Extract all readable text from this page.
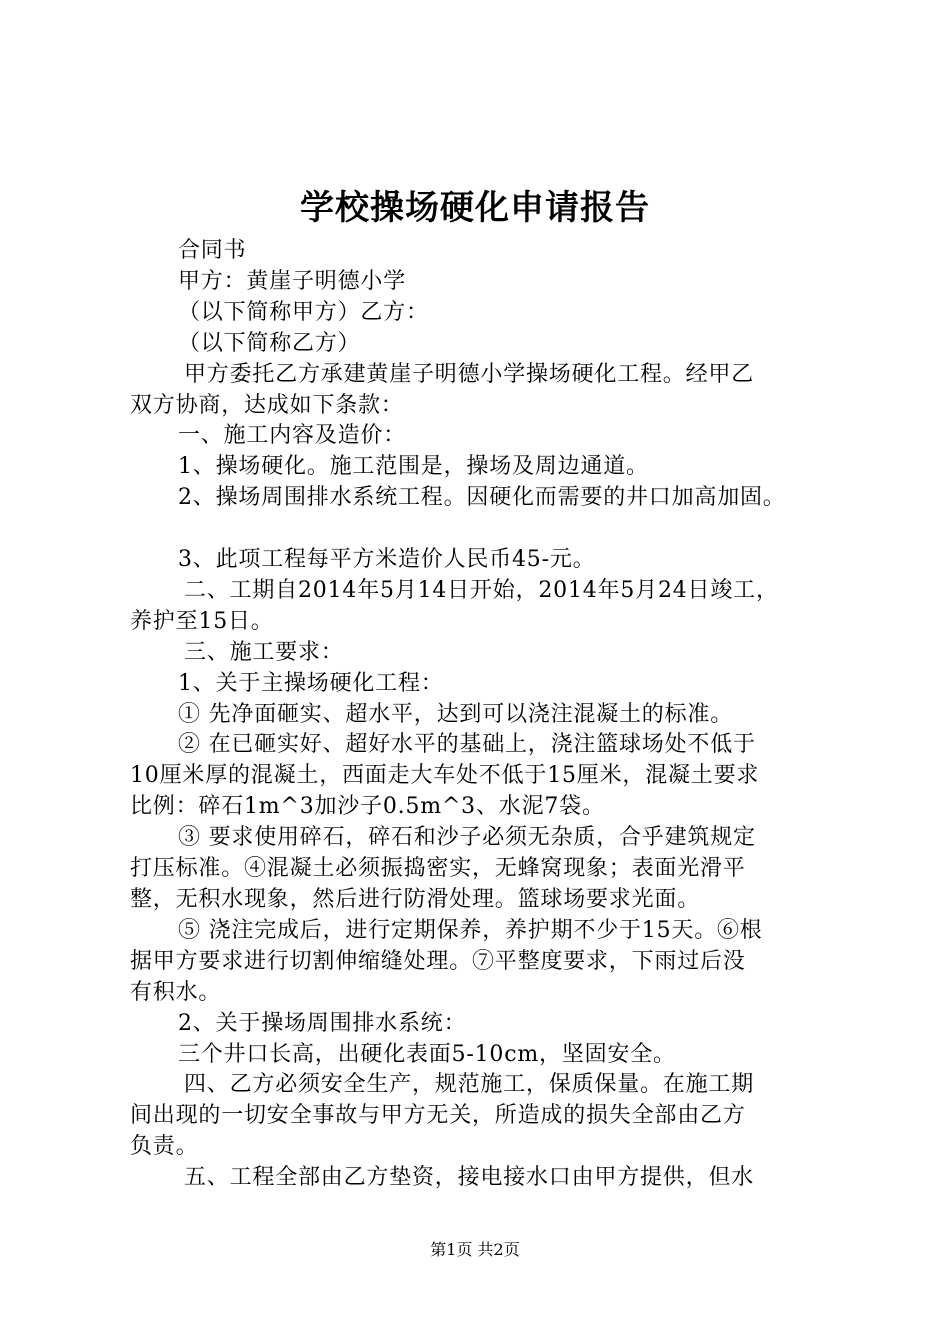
学校操场硬化申请报告

合同书

甲方：黄崖子明德小学

（以下简称甲方）乙方：

（以下简称乙方）

甲方委托乙方承建黄崖子明德小学操场硬化工程。经甲乙

双方协商，达成如下条款：

一、施工内容及造价：

1、操场硬化。施工范围是，操场及周边通道。

2、操场周围排水系统工程。因硬化而需要的井口加高加固。

3、此项工程每平方米造价人民币45-元。

二、工期自2014年5月14日开始，2014年5月24日竣工，

养护至15日。

三、施工要求：

1、关于主操场硬化工程：

① 先净面砸实、超水平，达到可以浇注混凝土的标准。

② 在已砸实好、超好水平的基础上，浇注篮球场处不低于

10厘米厚的混凝土，西面走大车处不低于15厘米，混凝土要求

比例：碎石1m^3加沙子0.5m^3、水泥7袋。

③ 要求使用碎石，碎石和沙子必须无杂质，合乎建筑规定

打压标准。④混凝土必须振捣密实，无蜂窝现象；表面光滑平

整，无积水现象，然后进行防滑处理。篮球场要求光面。

⑤ 浇注完成后，进行定期保养，养护期不少于15天。⑥根

据甲方要求进行切割伸缩缝处理。⑦平整度要求，下雨过后没

有积水。

2、关于操场周围排水系统：

三个井口长高，出硬化表面5-10cm，坚固安全。

四、乙方必须安全生产，规范施工，保质保量。在施工期

间出现的一切安全事故与甲方无关，所造成的损失全部由乙方

负责。

五、工程全部由乙方垫资，接电接水口由甲方提供，但水

第1页 共2页
